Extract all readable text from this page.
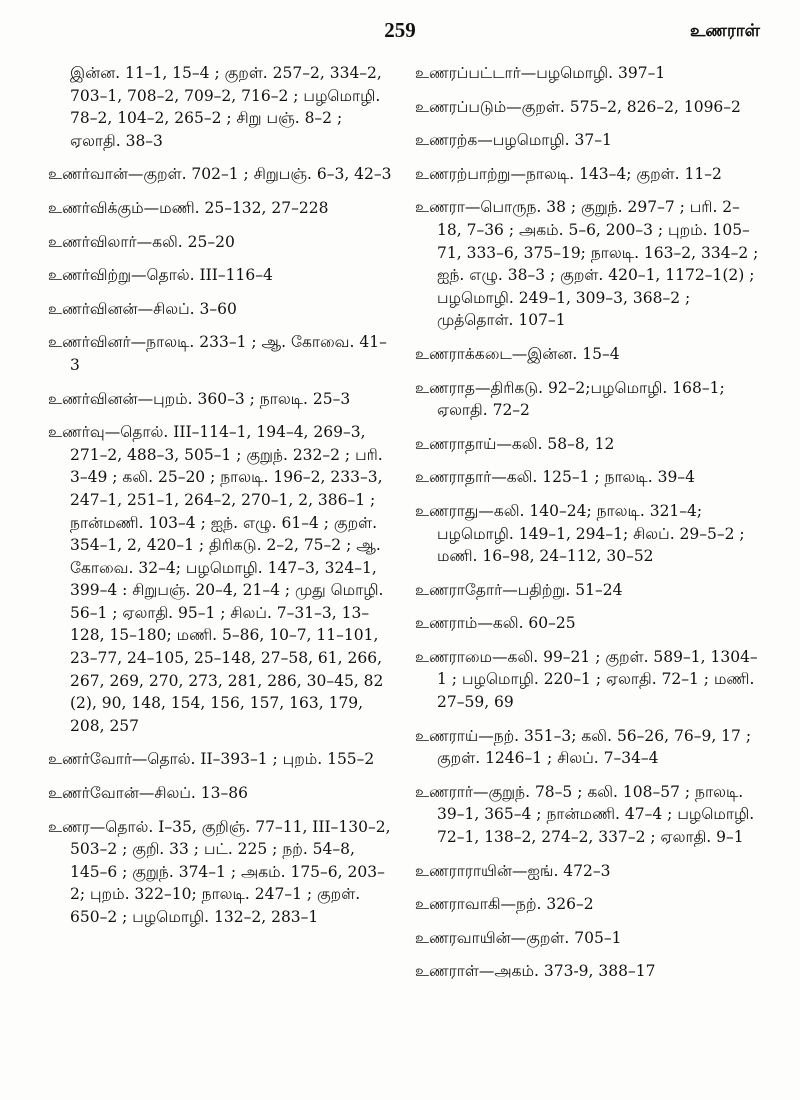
259	உணராள்

இன்ன. 11–1, 15–4 ; குறள். 257–2, 334–2, 703–1, 708–2, 709–2, 716–2 ; பழமொழி. 78–2, 104–2, 265–2 ; சிறு பஞ். 8–2 ; ஏலாதி. 38–3

உணர்வான்—குறள். 702–1 ; சிறுபஞ். 6–3, 42–3

உணர்விக்கும்—மணி. 25–132, 27–228

உணர்விலார்—கலி. 25–20

உணர்விற்று—தொல். III–116–4

உணர்வினன்—சிலப். 3–60

உணர்வினர்—நாலடி. 233–1 ; ஆ. கோவை. 41–3

உணர்வினன்—புறம். 360–3 ; நாலடி. 25–3

உணர்வு—தொல். III–114–1, 194–4, 269–3, 271–2, 488–3, 505–1 ; குறுந். 232–2 ; பரி. 3–49 ; கலி. 25–20 ; நாலடி. 196–2, 233–3, 247–1, 251–1, 264–2, 270–1, 2, 386–1 ; நான்மணி. 103–4 ; ஐந். எழு. 61–4 ; குறள். 354–1, 2, 420–1 ; திரிகடு. 2–2, 75–2 ; ஆ. கோவை. 32–4; பழமொழி. 147–3, 324–1, 399–4 : சிறுபஞ். 20–4, 21–4 ; முது மொழி. 56–1 ; ஏலாதி. 95–1 ; சிலப். 7–31–3, 13–128, 15–180; மணி. 5–86, 10–7, 11–101, 23–77, 24–105, 25–148, 27–58, 61, 266, 267, 269, 270, 273, 281, 286, 30–45, 82 (2), 90, 148, 154, 156, 157, 163, 179, 208, 257

உணர்வோர்—தொல். II–393–1 ; புறம். 155–2

உணர்வோன்—சிலப். 13–86

உணர—தொல். I–35, குறிஞ். 77–11, III–130–2, 503–2 ; குறி. 33 ; பட். 225 ; நற். 54–8, 145–6 ; குறுந். 374–1 ; அகம். 175–6, 203–2; புறம். 322–10; நாலடி. 247–1 ; குறள். 650–2 ; பழமொழி. 132–2, 283–1

உணரப்பட்டார்—பழமொழி. 397–1

உணரப்படும்—குறள். 575–2, 826–2, 1096–2

உணரற்க—பழமொழி. 37–1

உணரற்பாற்று—நாலடி. 143–4; குறள். 11–2

உணரா—பொருந. 38 ; குறுந். 297–7 ; பரி. 2–18, 7–36 ; அகம். 5–6, 200–3 ; புறம். 105–71, 333–6, 375–19; நாலடி. 163–2, 334–2 ; ஐந். எழு. 38–3 ; குறள். 420–1, 1172–1(2) ; பழமொழி. 249–1, 309–3, 368–2 ; முத்தொள். 107–1

உணராக்கடை—இன்ன. 15–4

உணராத—திரிகடு. 92–2;பழமொழி. 168–1; ஏலாதி. 72–2

உணராதாய்—கலி. 58–8, 12

உணராதார்—கலி. 125–1 ; நாலடி. 39–4

உணராது—கலி. 140–24; நாலடி. 321–4; பழமொழி. 149–1, 294–1; சிலப். 29–5–2 ; மணி. 16–98, 24–112, 30–52

உணராதோர்—பதிற்று. 51–24

உணராம்—கலி. 60–25

உணராமை—கலி. 99–21 ; குறள். 589–1, 1304–1 ; பழமொழி. 220–1 ; ஏலாதி. 72–1 ; மணி. 27–59, 69

உணராய்—நற். 351–3; கலி. 56–26, 76–9, 17 ; குறள். 1246–1 ; சிலப். 7–34–4

உணரார்—குறுந். 78–5 ; கலி. 108–57 ; நாலடி. 39–1, 365–4 ; நான்மணி. 47–4 ; பழமொழி. 72–1, 138–2, 274–2, 337–2 ; ஏலாதி. 9–1

உணராராயின்—ஐங். 472–3

உணராவாகி—நற். 326–2

உணரவாயின்—குறள். 705–1

உணராள்—அகம். 373-9, 388–17
